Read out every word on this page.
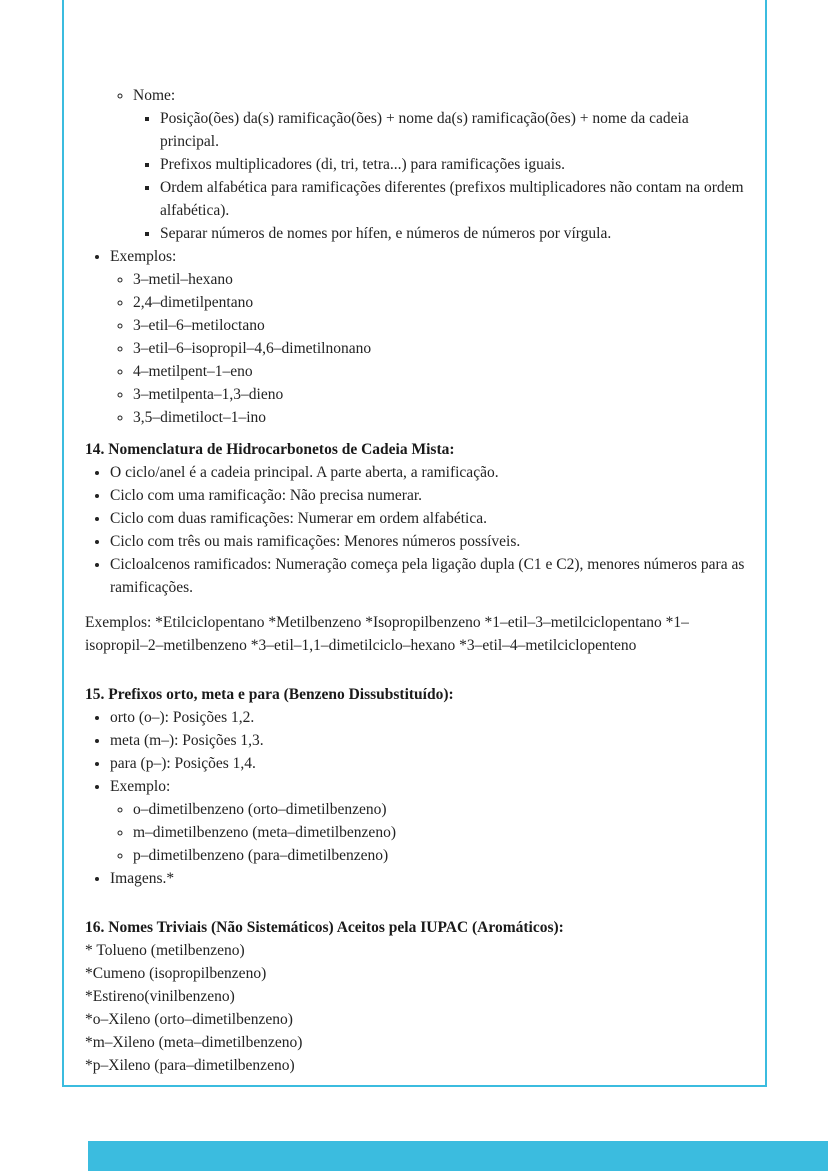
◦ Nome:
▪ Posição(ões) da(s) ramificação(ões) + nome da(s) ramificação(ões) + nome da cadeia principal.
▪ Prefixos multiplicadores (di, tri, tetra...) para ramificações iguais.
▪ Ordem alfabética para ramificações diferentes (prefixos multiplicadores não contam na ordem alfabética).
▪ Separar números de nomes por hífen, e números de números por vírgula.
• Exemplos:
◦ 3–metil–hexano
◦ 2,4–dimetilpentano
◦ 3–etil–6–metiloctano
◦ 3–etil–6–isopropil–4,6–dimetilnonano
◦ 4–metilpent–1–eno
◦ 3–metilpenta–1,3–dieno
◦ 3,5–dimetiloct–1–ino

14. Nomenclatura de Hidrocarbonetos de Cadeia Mista:

• O ciclo/anel é a cadeia principal. A parte aberta, a ramificação.
• Ciclo com uma ramificação: Não precisa numerar.
• Ciclo com duas ramificações: Numerar em ordem alfabética.
• Ciclo com três ou mais ramificações: Menores números possíveis.
• Cicloalcenos ramificados: Numeração começa pela ligação dupla (C1 e C2), menores números para as ramificações.

Exemplos: *Etilciclopentano *Metilbenzeno *Isopropilbenzeno *1–etil–3–metilciclopentano *1–isopropil–2–metilbenzeno *3–etil–1,1–dimetilciclo–hexano *3–etil–4–metilciclopenteno

15. Prefixos orto, meta e para (Benzeno Dissubstituído):

• orto (o–): Posições 1,2.
• meta (m–): Posições 1,3.
• para (p–): Posições 1,4.
• Exemplo:
◦ o–dimetilbenzeno (orto–dimetilbenzeno)
◦ m–dimetilbenzeno (meta–dimetilbenzeno)
◦ p–dimetilbenzeno (para–dimetilbenzeno)
• Imagens.*

16. Nomes Triviais (Não Sistemáticos) Aceitos pela IUPAC (Aromáticos):

* Tolueno (metilbenzeno)

*Cumeno (isopropilbenzeno)

*Estireno(vinilbenzeno)

*o–Xileno (orto–dimetilbenzeno)

*m–Xileno (meta–dimetilbenzeno)

*p–Xileno (para–dimetilbenzeno)
